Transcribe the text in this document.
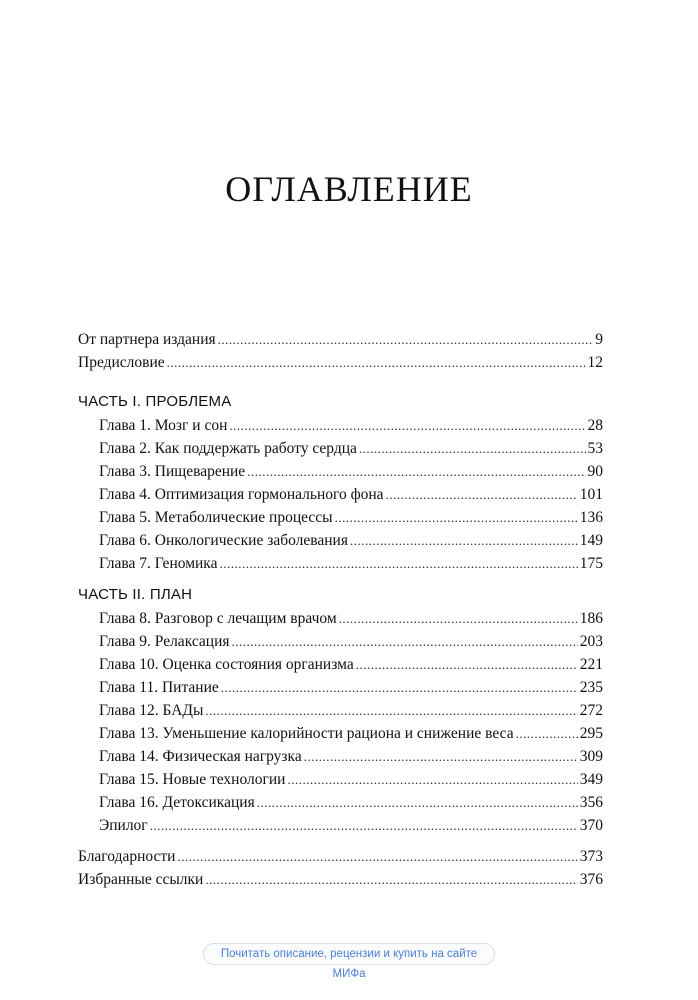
ОГЛАВЛЕНИЕ
От партнера издания .....	9
Предисловие .....	12
ЧАСТЬ I. ПРОБЛЕМА
Глава 1. Мозг и сон .....	28
Глава 2. Как поддержать работу сердца .....	53
Глава 3. Пищеварение .....	90
Глава 4. Оптимизация гормонального фона .....	101
Глава 5. Метаболические процессы .....	136
Глава 6. Онкологические заболевания .....	149
Глава 7. Геномика .....	175
ЧАСТЬ II. ПЛАН
Глава 8. Разговор с лечащим врачом .....	186
Глава 9. Релаксация .....	203
Глава 10. Оценка состояния организма .....	221
Глава 11. Питание .....	235
Глава 12. БАДы .....	272
Глава 13. Уменьшение калорийности рациона и снижение веса .....	295
Глава 14. Физическая нагрузка .....	309
Глава 15. Новые технологии .....	349
Глава 16. Детоксикация .....	356
Эпилог .....	370
Благодарности .....	373
Избранные ссылки .....	376
Почитать описание, рецензии и купить на сайте МИФа
